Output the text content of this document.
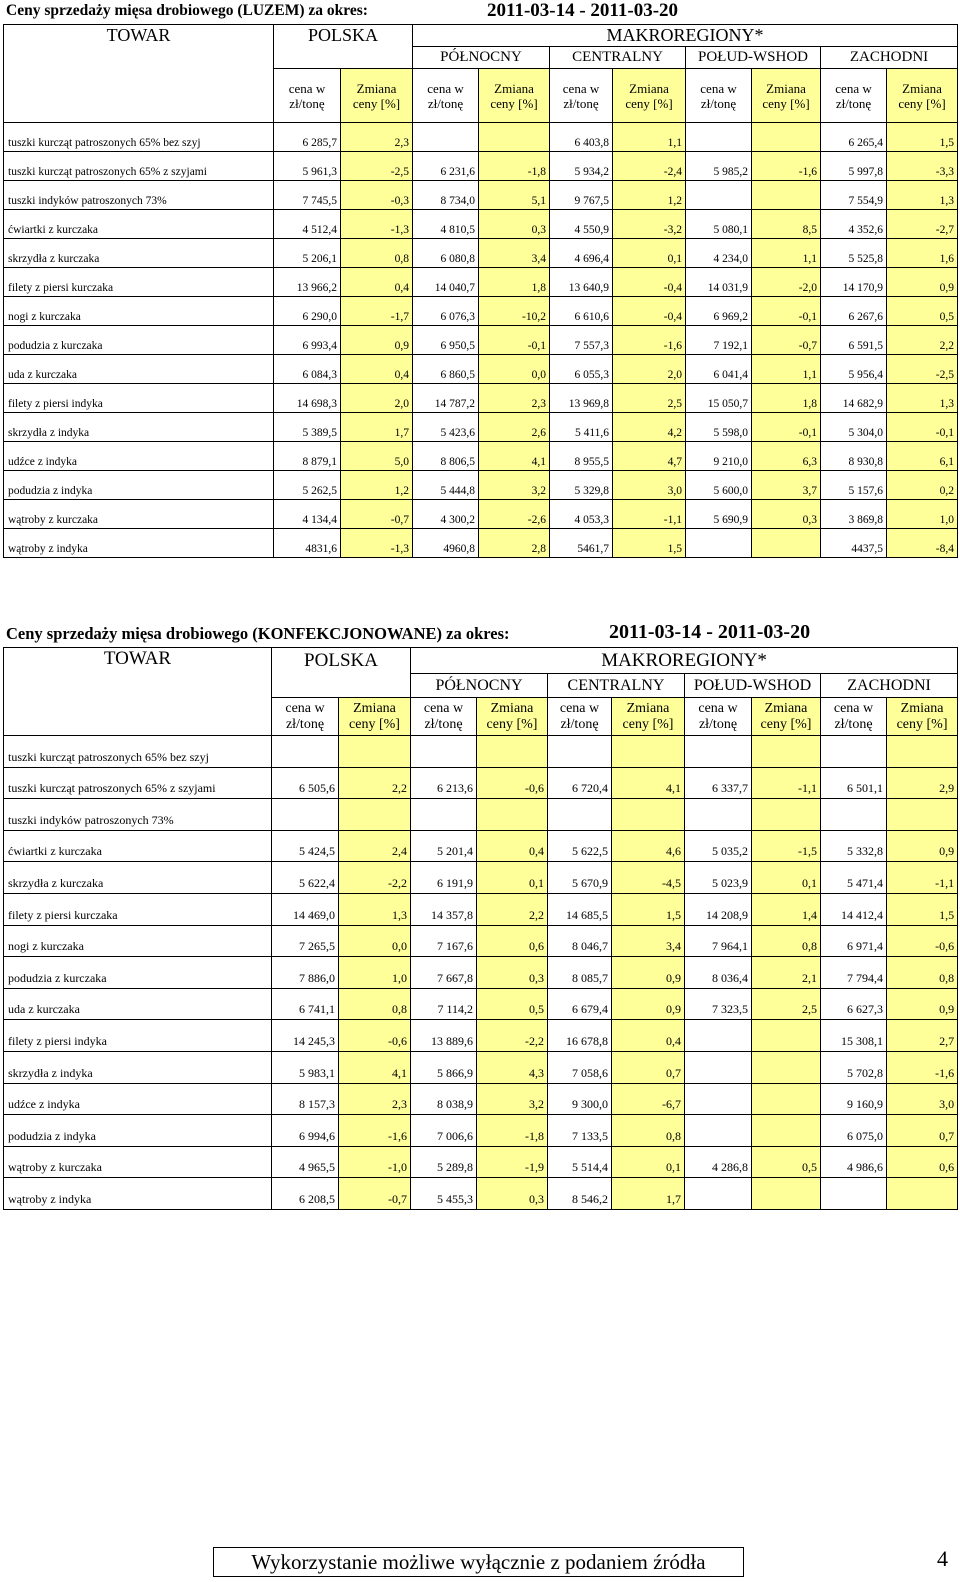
Ceny sprzedaży mięsa drobiowego (LUZEM) za okres:	2011-03-14 - 2011-03-20
TOWAR	POLSKA		MAKROREGIONY*							
			PÓŁNOCNY		CENTRALNY		POŁUD-WSHOD		ZACHODNI	
	cena w zł/tonę	Zmiana ceny [%]	cena w zł/tonę	Zmiana ceny [%]	cena w zł/tonę	Zmiana ceny [%]	cena w zł/tonę	Zmiana ceny [%]	cena w zł/tonę	Zmiana ceny [%]
tuszki kurcząt patroszonych 65% bez szyj	6 285,7	2,3			6 403,8	1,1			6 265,4	1,5
tuszki kurcząt patroszonych 65% z szyjami	5 961,3	-2,5	6 231,6	-1,8	5 934,2	-2,4	5 985,2	-1,6	5 997,8	-3,3
tuszki indyków patroszonych 73%	7 745,5	-0,3	8 734,0	5,1	9 767,5	1,2			7 554,9	1,3
ćwiartki z kurczaka	4 512,4	-1,3	4 810,5	0,3	4 550,9	-3,2	5 080,1	8,5	4 352,6	-2,7
skrzydła z kurczaka	5 206,1	0,8	6 080,8	3,4	4 696,4	0,1	4 234,0	1,1	5 525,8	1,6
filety z piersi kurczaka	13 966,2	0,4	14 040,7	1,8	13 640,9	-0,4	14 031,9	-2,0	14 170,9	0,9
nogi z kurczaka	6 290,0	-1,7	6 076,3	-10,2	6 610,6	-0,4	6 969,2	-0,1	6 267,6	0,5
podudzia z kurczaka	6 993,4	0,9	6 950,5	-0,1	7 557,3	-1,6	7 192,1	-0,7	6 591,5	2,2
uda z kurczaka	6 084,3	0,4	6 860,5	0,0	6 055,3	2,0	6 041,4	1,1	5 956,4	-2,5
filety z piersi indyka	14 698,3	2,0	14 787,2	2,3	13 969,8	2,5	15 050,7	1,8	14 682,9	1,3
skrzydła z indyka	5 389,5	1,7	5 423,6	2,6	5 411,6	4,2	5 598,0	-0,1	5 304,0	-0,1
udźce z indyka	8 879,1	5,0	8 806,5	4,1	8 955,5	4,7	9 210,0	6,3	8 930,8	6,1
podudzia z indyka	5 262,5	1,2	5 444,8	3,2	5 329,8	3,0	5 600,0	3,7	5 157,6	0,2
wątroby z kurczaka	4 134,4	-0,7	4 300,2	-2,6	4 053,3	-1,1	5 690,9	0,3	3 869,8	1,0
wątroby z indyka	4831,6	-1,3	4960,8	2,8	5461,7	1,5			4437,5	-8,4
Ceny sprzedaży mięsa drobiowego (KONFEKCJONOWANE) za okres:	2011-03-14 - 2011-03-20
TOWAR	POLSKA		MAKROREGIONY*							
			PÓŁNOCNY		CENTRALNY		POŁUD-WSHOD		ZACHODNI	
	cena w zł/tonę	Zmiana ceny [%]	cena w zł/tonę	Zmiana ceny [%]	cena w zł/tonę	Zmiana ceny [%]	cena w zł/tonę	Zmiana ceny [%]	cena w zł/tonę	Zmiana ceny [%]
tuszki kurcząt patroszonych 65% bez szyj										
tuszki kurcząt patroszonych 65% z szyjami	6 505,6	2,2	6 213,6	-0,6	6 720,4	4,1	6 337,7	-1,1	6 501,1	2,9
tuszki indyków patroszonych 73%										
ćwiartki z kurczaka	5 424,5	2,4	5 201,4	0,4	5 622,5	4,6	5 035,2	-1,5	5 332,8	0,9
skrzydła z kurczaka	5 622,4	-2,2	6 191,9	0,1	5 670,9	-4,5	5 023,9	0,1	5 471,4	-1,1
filety z piersi kurczaka	14 469,0	1,3	14 357,8	2,2	14 685,5	1,5	14 208,9	1,4	14 412,4	1,5
nogi z kurczaka	7 265,5	0,0	7 167,6	0,6	8 046,7	3,4	7 964,1	0,8	6 971,4	-0,6
podudzia z kurczaka	7 886,0	1,0	7 667,8	0,3	8 085,7	0,9	8 036,4	2,1	7 794,4	0,8
uda z kurczaka	6 741,1	0,8	7 114,2	0,5	6 679,4	0,9	7 323,5	2,5	6 627,3	0,9
filety z piersi indyka	14 245,3	-0,6	13 889,6	-2,2	16 678,8	0,4			15 308,1	2,7
skrzydła z indyka	5 983,1	4,1	5 866,9	4,3	7 058,6	0,7			5 702,8	-1,6
udźce z indyka	8 157,3	2,3	8 038,9	3,2	9 300,0	-6,7			9 160,9	3,0
podudzia z indyka	6 994,6	-1,6	7 006,6	-1,8	7 133,5	0,8			6 075,0	0,7
wątroby z kurczaka	4 965,5	-1,0	5 289,8	-1,9	5 514,4	0,1	4 286,8	0,5	4 986,6	0,6
wątroby z indyka	6 208,5	-0,7	5 455,3	0,3	8 546,2	1,7				
Wykorzystanie możliwe wyłącznie z podaniem źródła	4
